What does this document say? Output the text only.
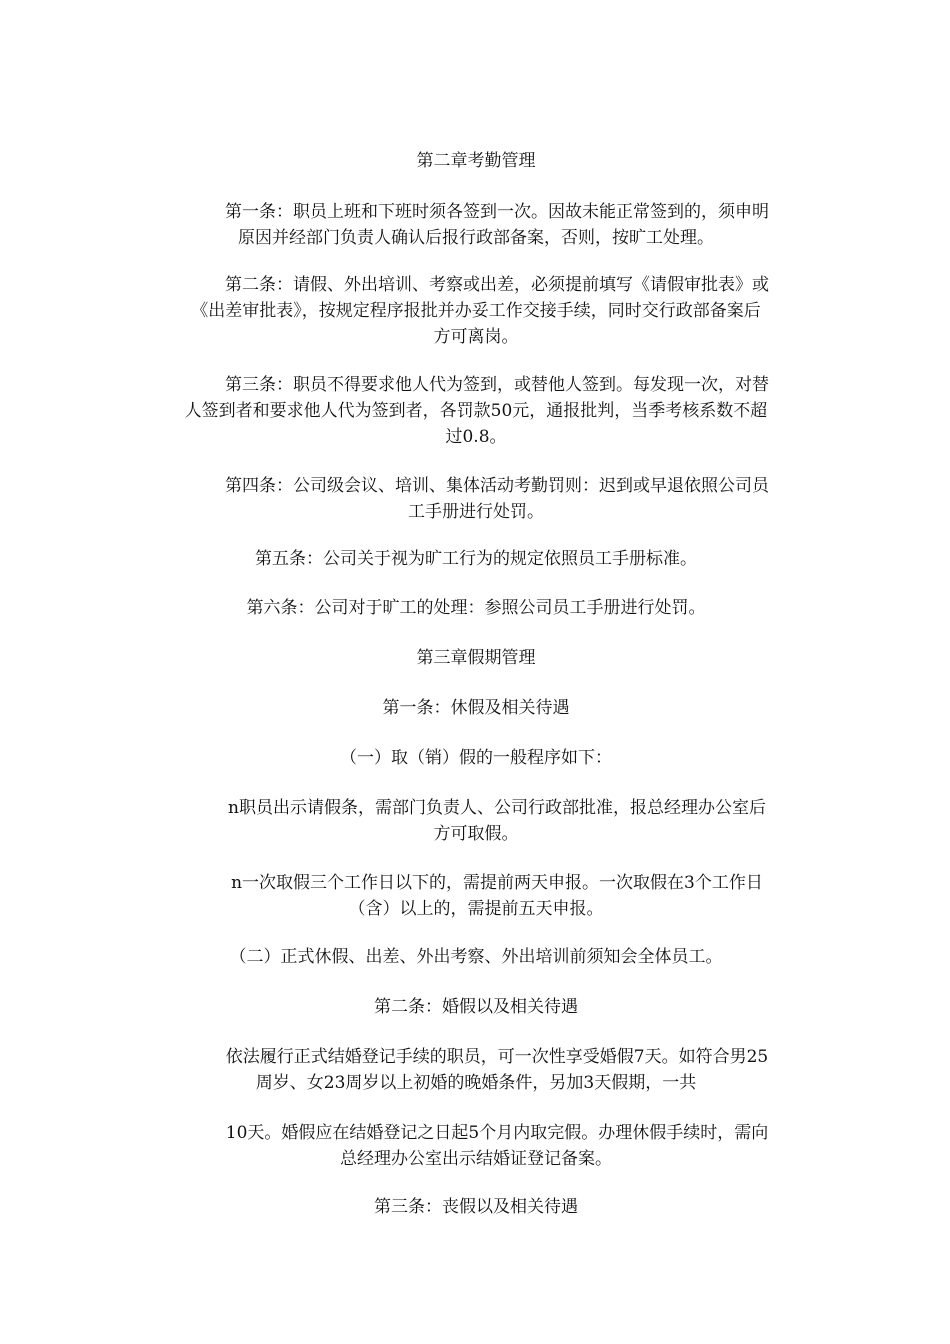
第二章考勤管理
第一条：职员上班和下班时须各签到一次。因故未能正常签到的，须申明
原因并经部门负责人确认后报行政部备案，否则，按旷工处理。
第二条：请假、外出培训、考察或出差，必须提前填写《请假审批表》或
《出差审批表》，按规定程序报批并办妥工作交接手续，同时交行政部备案后
方可离岗。
第三条：职员不得要求他人代为签到，或替他人签到。每发现一次，对替
人签到者和要求他人代为签到者，各罚款50元，通报批判，当季考核系数不超
过0.8。
第四条：公司级会议、培训、集体活动考勤罚则：迟到或早退依照公司员
工手册进行处罚。
第五条：公司关于视为旷工行为的规定依照员工手册标准。
第六条：公司对于旷工的处理：参照公司员工手册进行处罚。
第三章假期管理
第一条：休假及相关待遇
（一）取（销）假的一般程序如下：
n职员出示请假条，需部门负责人、公司行政部批准，报总经理办公室后
方可取假。
n一次取假三个工作日以下的，需提前两天申报。一次取假在3个工作日
（含）以上的，需提前五天申报。
（二）正式休假、出差、外出考察、外出培训前须知会全体员工。
第二条：婚假以及相关待遇
依法履行正式结婚登记手续的职员，可一次性享受婚假7天。如符合男25
周岁、女23周岁以上初婚的晚婚条件，另加3天假期，一共
10天。婚假应在结婚登记之日起5个月内取完假。办理休假手续时，需向
总经理办公室出示结婚证登记备案。
第三条：丧假以及相关待遇
